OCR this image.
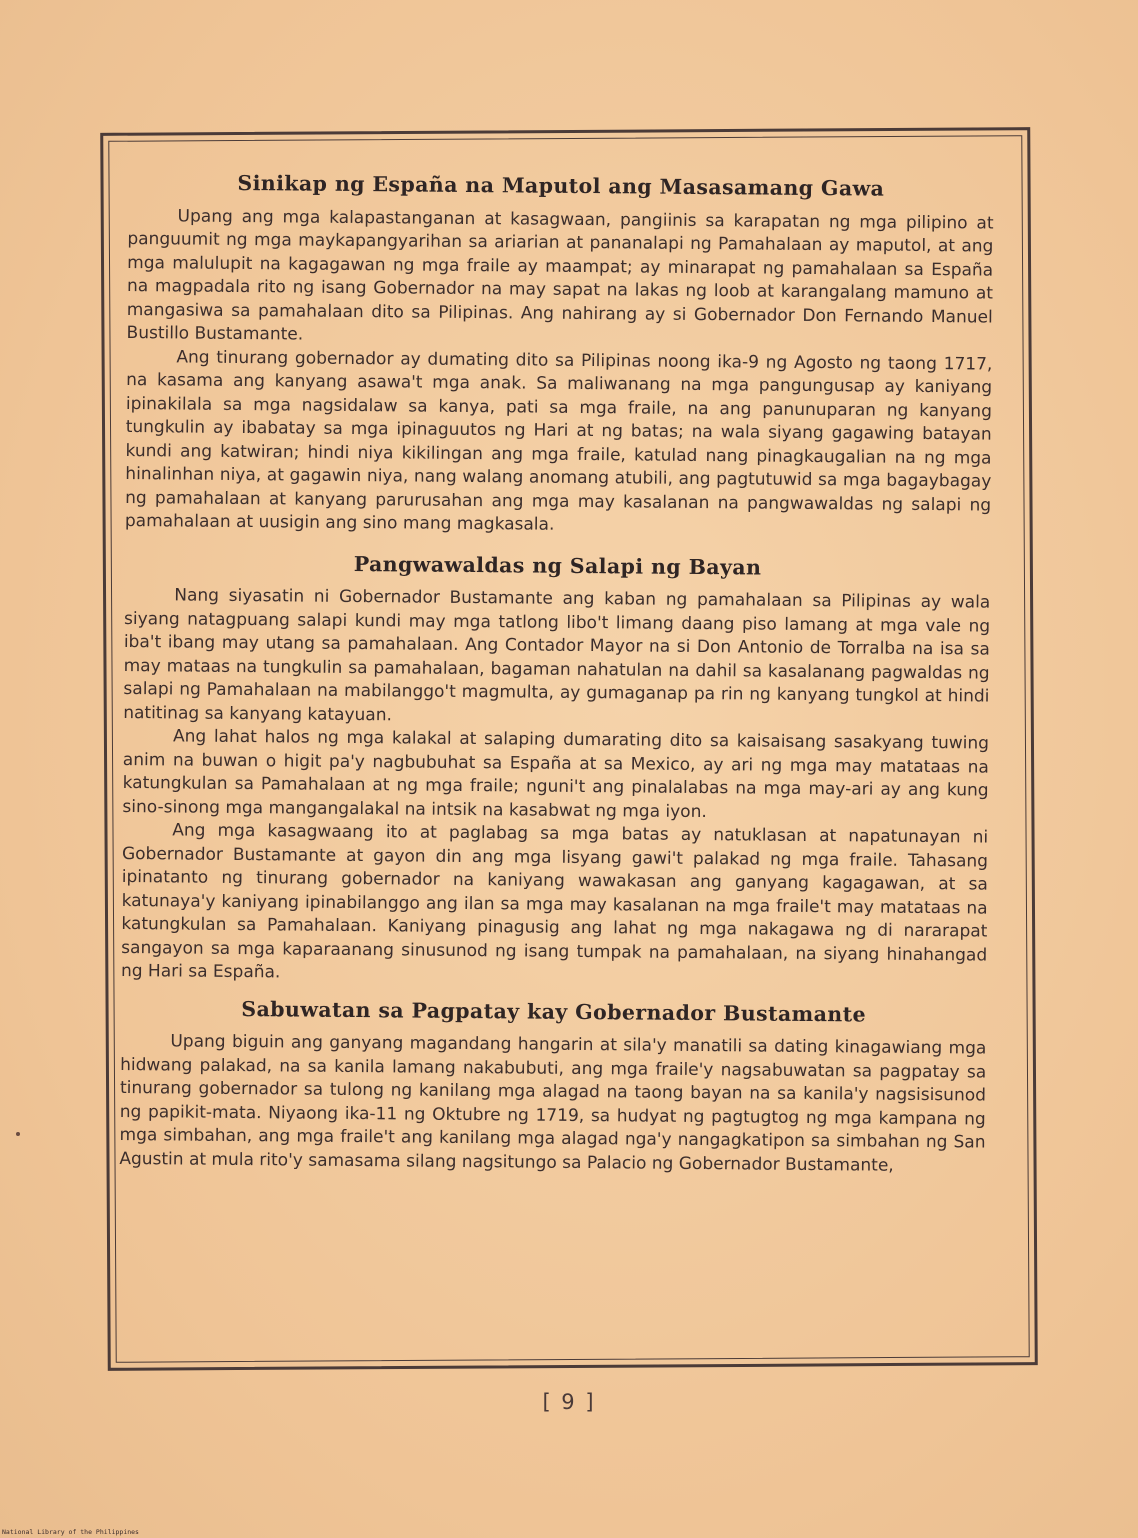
Sinikap ng España na Maputol ang Masasamang Gawa

Upang ang mga kalapastanganan at kasagwaan, pangiinis sa karapatan ng mga pilipino at panguumit ng mga maykapangyarihan sa ariarian at pananalapi ng Pamahalaan ay maputol, at ang mga malulupit na kagagawan ng mga fraile ay maampat; ay minarapat ng pamahalaan sa España na magpadala rito ng isang Gobernador na may sapat na lakas ng loob at karangalang mamuno at mangasiwa sa pamahalaan dito sa Pilipinas. Ang nahirang ay si Gobernador Don Fernando Manuel Bustillo Bustamante.

Ang tinurang gobernador ay dumating dito sa Pilipinas noong ika-9 ng Agosto ng taong 1717, na kasama ang kanyang asawa't mga anak. Sa maliwanang na mga pangungusap ay kaniyang ipinakilala sa mga nagsidalaw sa kanya, pati sa mga fraile, na ang panunuparan ng kanyang tungkulin ay ibabatay sa mga ipinaguutos ng Hari at ng batas; na wala siyang gagawing batayan kundi ang katwiran; hindi niya kikilingan ang mga fraile, katulad nang pinagkaugalian na ng mga hinalinhan niya, at gagawin niya, nang walang anomang atubili, ang pagtutuwid sa mga bagaybagay ng pamahalaan at kanyang parurusahan ang mga may kasalanan na pangwawaldas ng salapi ng pamahalaan at uusigin ang sino mang magkasala.

Pangwawaldas ng Salapi ng Bayan

Nang siyasatin ni Gobernador Bustamante ang kaban ng pamahalaan sa Pilipinas ay wala siyang natagpuang salapi kundi may mga tatlong libo't limang daang piso lamang at mga vale ng iba't ibang may utang sa pamahalaan. Ang Contador Mayor na si Don Antonio de Torralba na isa sa may mataas na tungkulin sa pamahalaan, bagaman nahatulan na dahil sa kasalanang pagwaldas ng salapi ng Pamahalaan na mabilanggo't magmulta, ay gumaganap pa rin ng kanyang tungkol at hindi natitinag sa kanyang katayuan.

Ang lahat halos ng mga kalakal at salaping dumarating dito sa kaisaisang sasakyang tuwing anim na buwan o higit pa'y nagbubuhat sa España at sa Mexico, ay ari ng mga may matataas na katungkulan sa Pamahalaan at ng mga fraile; nguni't ang pinalalabas na mga may-ari ay ang kung sino-sinong mga mangangalakal na intsik na kasabwat ng mga iyon.

Ang mga kasagwaang ito at paglabag sa mga batas ay natuklasan at napatunayan ni Gobernador Bustamante at gayon din ang mga lisyang gawi't palakad ng mga fraile. Tahasang ipinatanto ng tinurang gobernador na kaniyang wawakasan ang ganyang kagagawan, at sa katunaya'y kaniyang ipinabilanggo ang ilan sa mga may kasalanan na mga fraile't may matataas na katungkulan sa Pamahalaan. Kaniyang pinagusig ang lahat ng mga nakagawa ng di nararapat sangayon sa mga kaparaanang sinusunod ng isang tumpak na pamahalaan, na siyang hinahangad ng Hari sa España.

Sabuwatan sa Pagpatay kay Gobernador Bustamante

Upang biguin ang ganyang magandang hangarin at sila'y manatili sa dating kinagawiang mga hidwang palakad, na sa kanila lamang nakabubuti, ang mga fraile'y nagsabuwatan sa pagpatay sa tinurang gobernador sa tulong ng kanilang mga alagad na taong bayan na sa kanila'y nagsisisunod ng papikit-mata. Niyaong ika-11 ng Oktubre ng 1719, sa hudyat ng pagtugtog ng mga kampana ng mga simbahan, ang mga fraile't ang kanilang mga alagad nga'y nangagkatipon sa simbahan ng San Agustin at mula rito'y samasama silang nagsitungo sa Palacio ng Gobernador Bustamante,

[ 9 ]
National Library of the Philippines
